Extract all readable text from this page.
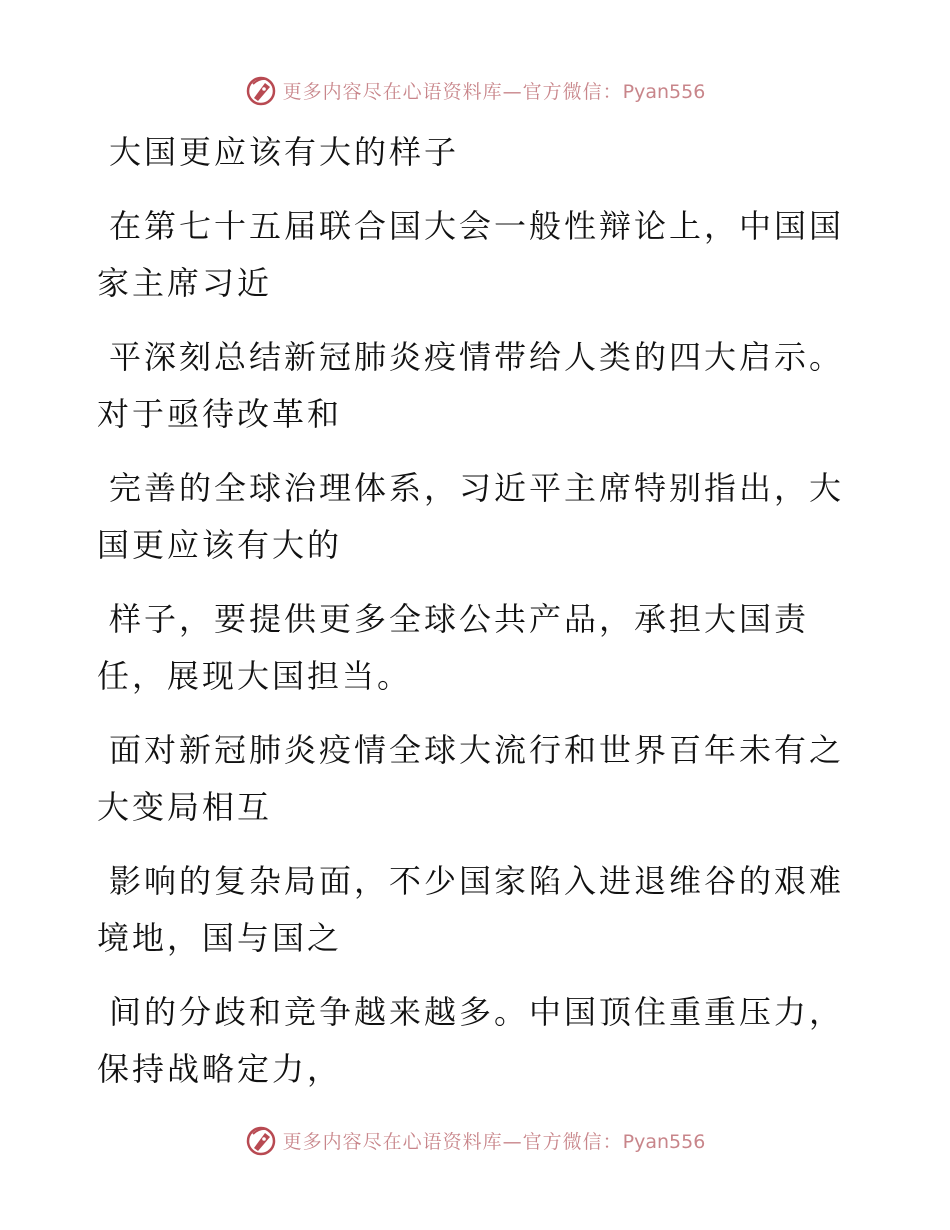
更多内容尽在心语资料库—官方微信：Pyan556
大国更应该有大的样子
在第七十五届联合国大会一般性辩论上，中国国
家主席习近
平深刻总结新冠肺炎疫情带给人类的四大启示。
对于亟待改革和
完善的全球治理体系，习近平主席特别指出，大
国更应该有大的
样子，要提供更多全球公共产品，承担大国责
任，展现大国担当。
面对新冠肺炎疫情全球大流行和世界百年未有之
大变局相互
影响的复杂局面，不少国家陷入进退维谷的艰难
境地，国与国之
间的分歧和竞争越来越多。中国顶住重重压力，
保持战略定力，
更多内容尽在心语资料库—官方微信：Pyan556
